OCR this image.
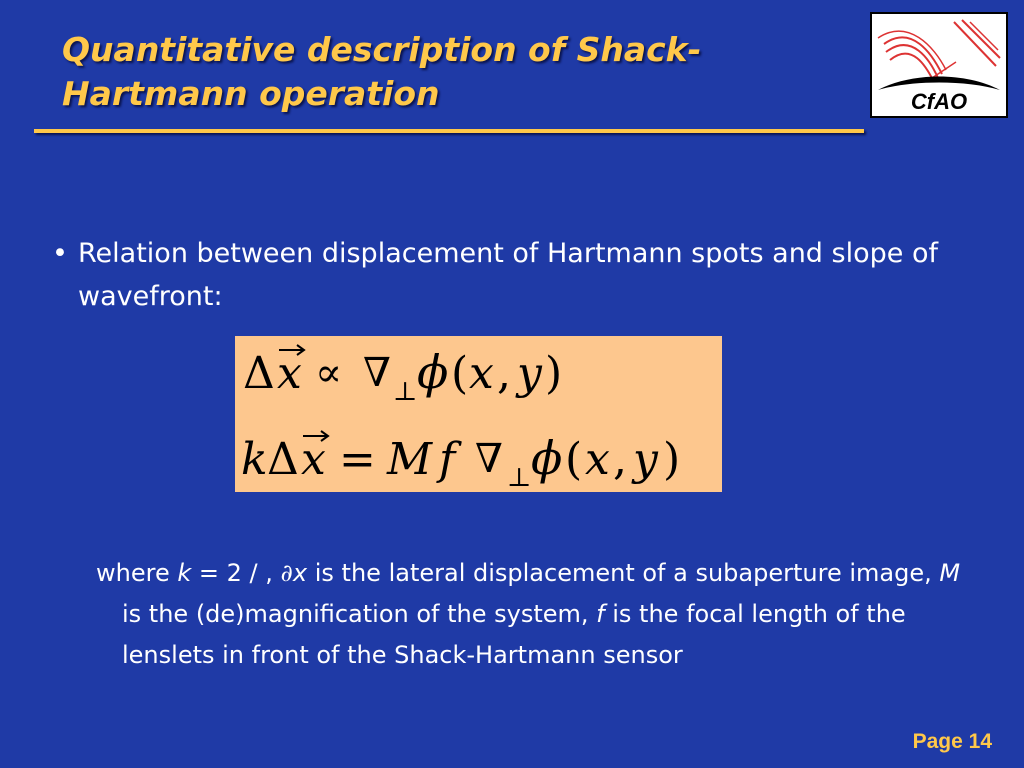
Quantitative description of Shack-Hartmann operation	CfAO
• Relation between displacement of Hartmann spots and slope of wavefront:
Δ x ∝ ∇ ⊥ ϕ ( x , y )
k Δ x = M f ∇ ⊥ ϕ ( x , y )
where k = 2 / , ∂x is the lateral displacement of a subaperture image, M is the (de)magnification of the system, f is the focal length of the lenslets in front of the Shack-Hartmann sensor
Page 14
